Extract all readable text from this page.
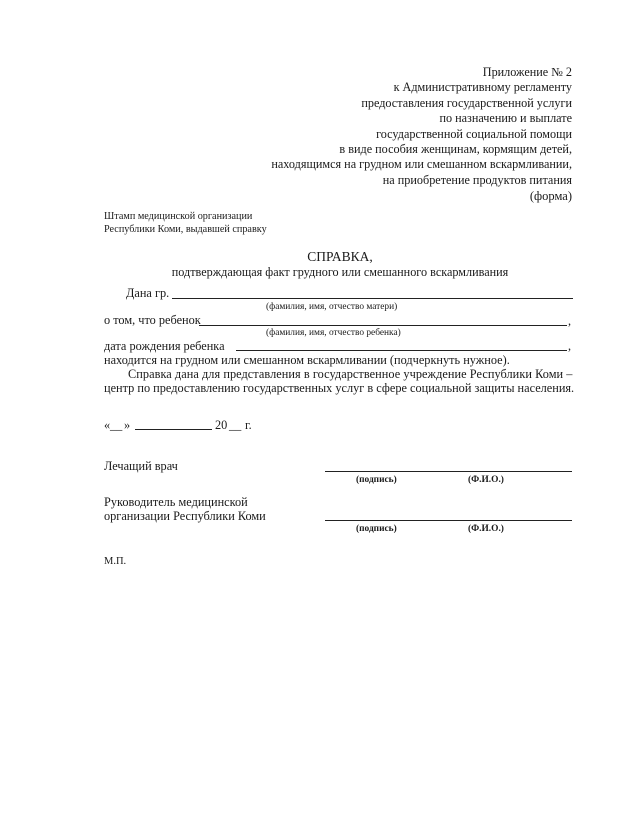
Приложение № 2
к Административному регламенту
предоставления государственной услуги
по назначению и выплате
государственной социальной помощи
в виде пособия женщинам, кормящим детей,
находящимся на грудном или смешанном вскармливании,
на приобретение продуктов питания
(форма)
Штамп медицинской организации
Республики Коми, выдавшей справку
СПРАВКА,
подтверждающая факт грудного или смешанного вскармливания
Дана гр.
(фамилия, имя, отчество матери)
о том, что ребенок	,
(фамилия, имя, отчество ребенка)
дата рождения ребенка	,
находится на грудном или смешанном вскармливании (подчеркнуть нужное).
Справка дана для представления в государственное учреждение Республики Коми –
центр по предоставлению государственных услуг в сфере социальной защиты населения.
« __ »	20 __ г.
Лечащий врач
(подпись)	(Ф.И.О.)
Руководитель медицинской
организации Республики Коми
(подпись)	(Ф.И.О.)
М.П.
